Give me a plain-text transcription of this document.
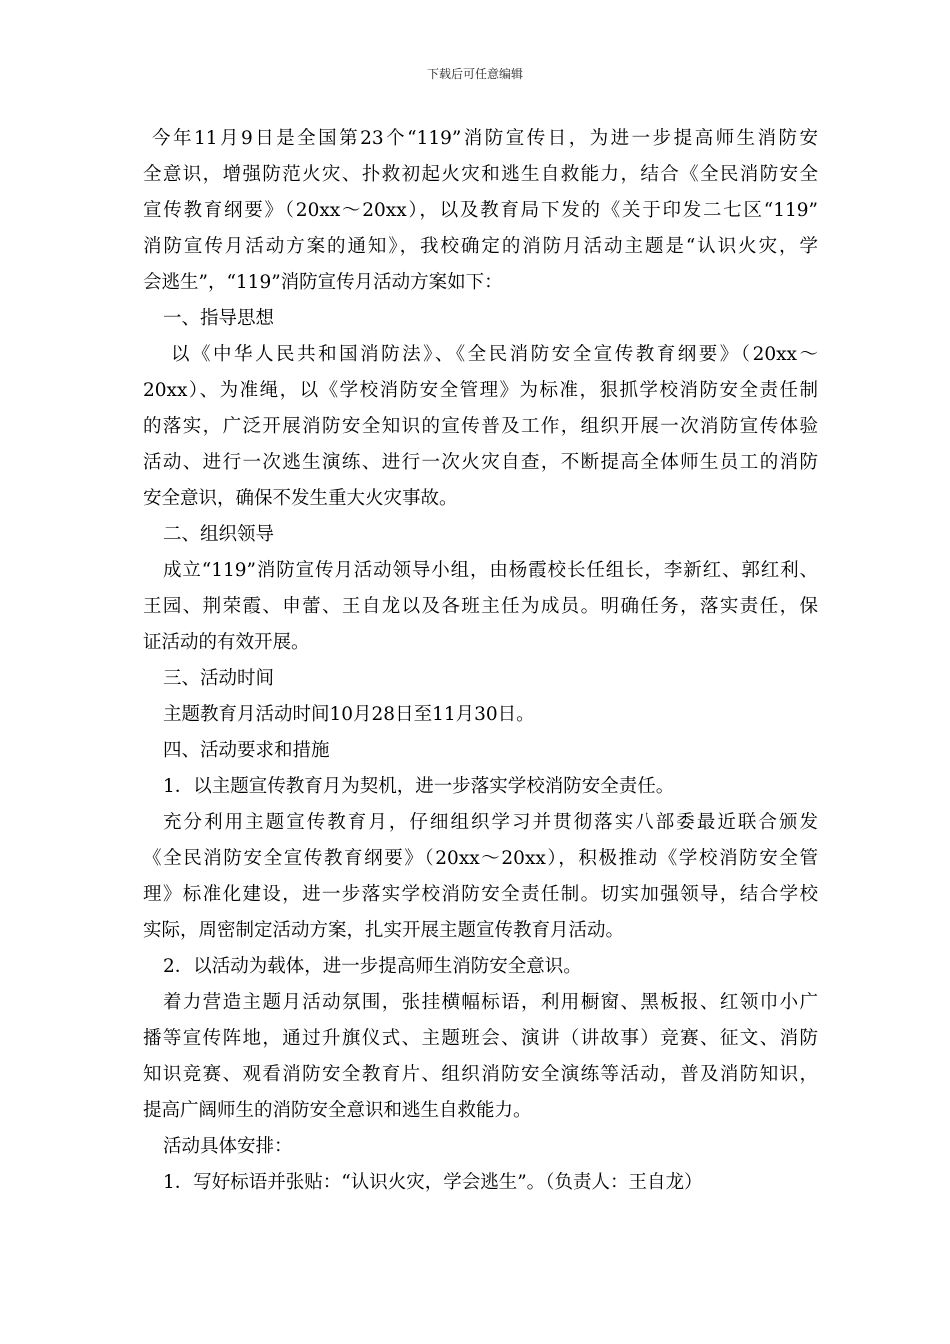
下载后可任意编辑
今年11月9日是全国第23个“119”消防宣传日，为进一步提高师生消防安
全意识，增强防范火灾、扑救初起火灾和逃生自救能力，结合《全民消防安全
宣传教育纲要》（20xx～20xx），以及教育局下发的《关于印发二七区“119”
消防宣传月活动方案的通知》，我校确定的消防月活动主题是“认识火灾，学
会逃生”，“119”消防宣传月活动方案如下：
一、指导思想
以《中华人民共和国消防法》、《全民消防安全宣传教育纲要》（20xx～
20xx）、为准绳，以《学校消防安全管理》为标准，狠抓学校消防安全责任制
的落实，广泛开展消防安全知识的宣传普及工作，组织开展一次消防宣传体验
活动、进行一次逃生演练、进行一次火灾自查，不断提高全体师生员工的消防
安全意识，确保不发生重大火灾事故。
二、组织领导
成立“119”消防宣传月活动领导小组，由杨霞校长任组长，李新红、郭红利、
王园、荆荣霞、申蕾、王自龙以及各班主任为成员。明确任务，落实责任，保
证活动的有效开展。
三、活动时间
主题教育月活动时间10月28日至11月30日。
四、活动要求和措施
1．以主题宣传教育月为契机，进一步落实学校消防安全责任。
充分利用主题宣传教育月，仔细组织学习并贯彻落实八部委最近联合颁发
《全民消防安全宣传教育纲要》（20xx～20xx），积极推动《学校消防安全管
理》标准化建设，进一步落实学校消防安全责任制。切实加强领导，结合学校
实际，周密制定活动方案，扎实开展主题宣传教育月活动。
2．以活动为载体，进一步提高师生消防安全意识。
着力营造主题月活动氛围，张挂横幅标语，利用橱窗、黑板报、红领巾小广
播等宣传阵地，通过升旗仪式、主题班会、演讲（讲故事）竞赛、征文、消防
知识竞赛、观看消防安全教育片、组织消防安全演练等活动，普及消防知识，
提高广阔师生的消防安全意识和逃生自救能力。
活动具体安排：
1．写好标语并张贴：“认识火灾，学会逃生”。（负责人：王自龙）
